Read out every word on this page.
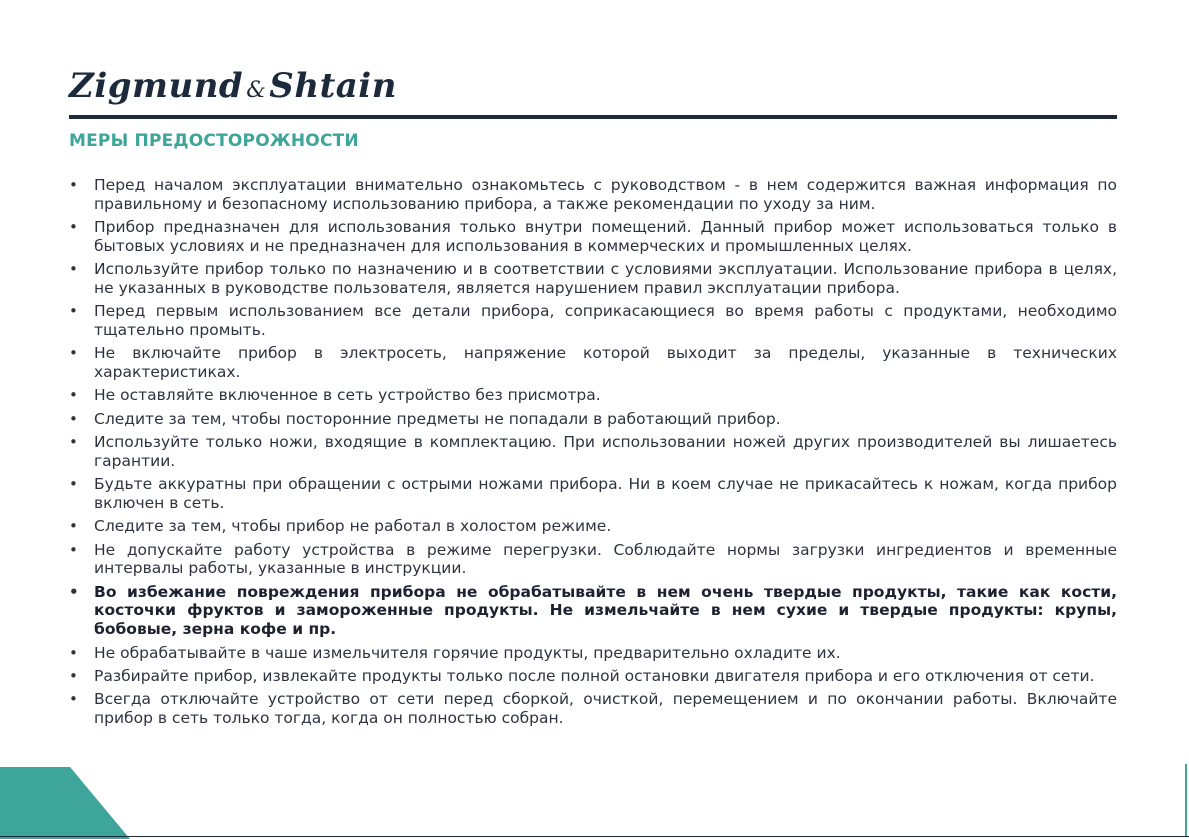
Zigmund &Shtain
МЕРЫ ПРЕДОСТОРОЖНОСТИ
•	Перед началом эксплуатации внимательно ознакомьтесь с руководством - в нем содержится важная информация по правильному и безопасному использованию прибора, а также рекомендации по уходу за ним.
•	Прибор предназначен для использования только внутри помещений. Данный прибор может использоваться только в бытовых условиях и не предназначен для использования в коммерческих и промышленных целях.
•	Используйте прибор только по назначению и в соответствии с условиями эксплуатации. Использование прибора в целях, не указанных в руководстве пользователя, является нарушением правил эксплуатации прибора.
•	Перед первым использованием все детали прибора, соприкасающиеся во время работы с продуктами, необходимо тщательно промыть.
•	Не включайте прибор в электросеть, напряжение которой выходит за пределы, указанные в технических характеристиках.
•	Не оставляйте включенное в сеть устройство без присмотра.
•	Следите за тем, чтобы посторонние предметы не попадали в работающий прибор.
•	Используйте только ножи, входящие в комплектацию. При использовании ножей других производителей вы лишаетесь гарантии.
•	Будьте аккуратны при обращении с острыми ножами прибора. Ни в коем случае не прикасайтесь к ножам, когда прибор включен в сеть.
•	Следите за тем, чтобы прибор не работал в холостом режиме.
•	Не допускайте работу устройства в режиме перегрузки. Соблюдайте нормы загрузки ингредиентов и временные интервалы работы, указанные в инструкции.
• Во избежание повреждения прибора не обрабатывайте в нем очень твердые продукты, такие как кости, косточки фруктов и замороженные продукты. Не измельчайте в нем сухие и твердые продукты: крупы, бобовые, зерна кофе и пр.
•	Не обрабатывайте в чаше измельчителя горячие продукты, предварительно охладите их.
•	Разбирайте прибор, извлекайте продукты только после полной остановки двигателя прибора и его отключения от сети.
•	Всегда отключайте устройство от сети перед сборкой, очисткой, перемещением и по окончании работы. Включайте прибор в сеть только тогда, когда он полностью собран.
